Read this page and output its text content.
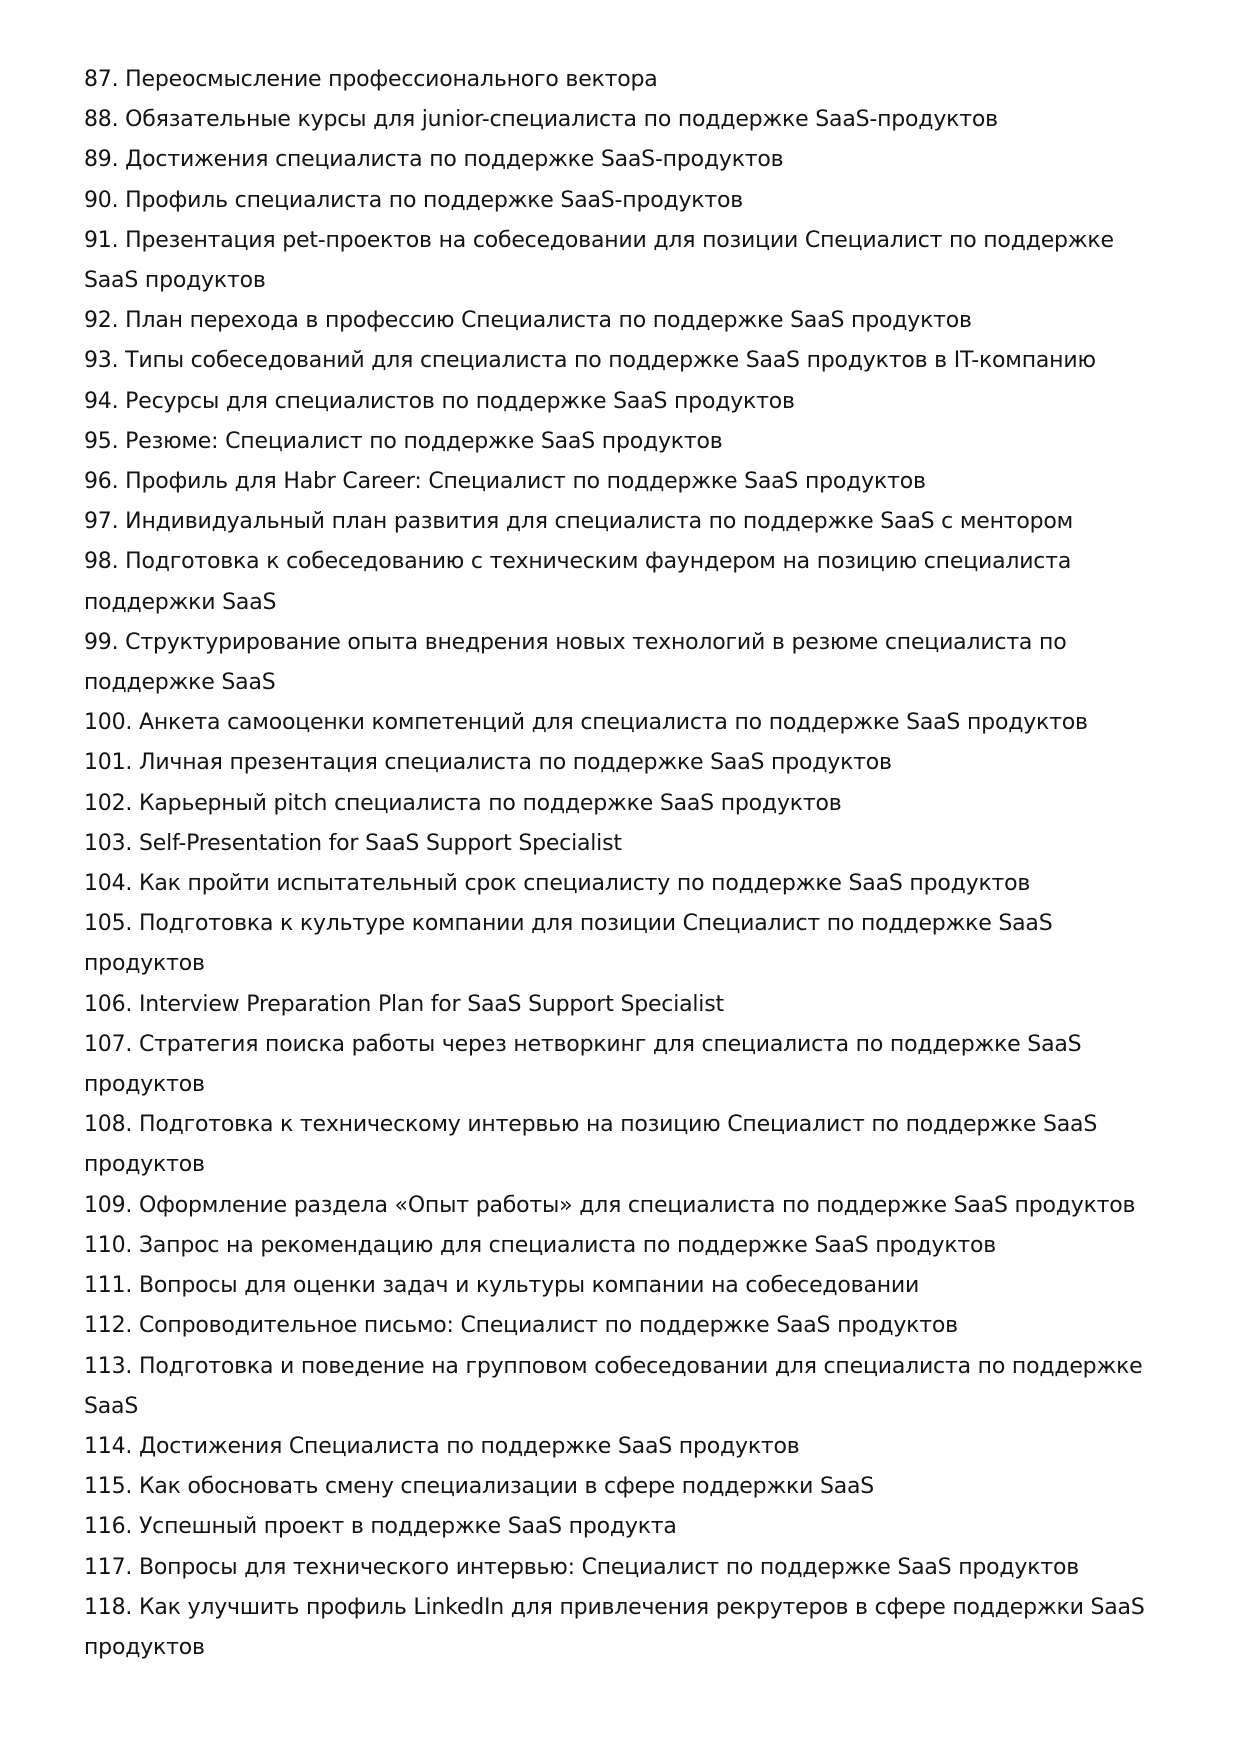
87. Переосмысление профессионального вектора
88. Обязательные курсы для junior-специалиста по поддержке SaaS-продуктов
89. Достижения специалиста по поддержке SaaS-продуктов
90. Профиль специалиста по поддержке SaaS-продуктов
91. Презентация pet-проектов на собеседовании для позиции Специалист по поддержке SaaS продуктов
92. План перехода в профессию Специалиста по поддержке SaaS продуктов
93. Типы собеседований для специалиста по поддержке SaaS продуктов в IT-компанию
94. Ресурсы для специалистов по поддержке SaaS продуктов
95. Резюме: Специалист по поддержке SaaS продуктов
96. Профиль для Habr Career: Специалист по поддержке SaaS продуктов
97. Индивидуальный план развития для специалиста по поддержке SaaS с ментором
98. Подготовка к собеседованию с техническим фаундером на позицию специалиста поддержки SaaS
99. Структурирование опыта внедрения новых технологий в резюме специалиста по поддержке SaaS
100. Анкета самооценки компетенций для специалиста по поддержке SaaS продуктов
101. Личная презентация специалиста по поддержке SaaS продуктов
102. Карьерный pitch специалиста по поддержке SaaS продуктов
103. Self-Presentation for SaaS Support Specialist
104. Как пройти испытательный срок специалисту по поддержке SaaS продуктов
105. Подготовка к культуре компании для позиции Специалист по поддержке SaaS продуктов
106. Interview Preparation Plan for SaaS Support Specialist
107. Стратегия поиска работы через нетворкинг для специалиста по поддержке SaaS продуктов
108. Подготовка к техническому интервью на позицию Специалист по поддержке SaaS продуктов
109. Оформление раздела «Опыт работы» для специалиста по поддержке SaaS продуктов
110. Запрос на рекомендацию для специалиста по поддержке SaaS продуктов
111. Вопросы для оценки задач и культуры компании на собеседовании
112. Сопроводительное письмо: Специалист по поддержке SaaS продуктов
113. Подготовка и поведение на групповом собеседовании для специалиста по поддержке SaaS
114. Достижения Специалиста по поддержке SaaS продуктов
115. Как обосновать смену специализации в сфере поддержки SaaS
116. Успешный проект в поддержке SaaS продукта
117. Вопросы для технического интервью: Специалист по поддержке SaaS продуктов
118. Как улучшить профиль LinkedIn для привлечения рекрутеров в сфере поддержки SaaS продуктов
